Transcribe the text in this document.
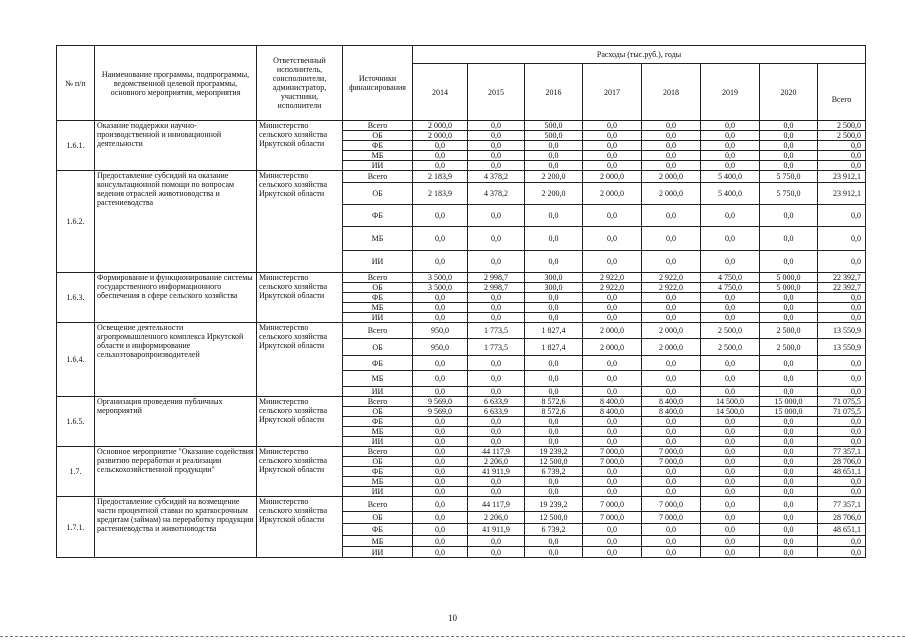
№ п/п	Наименование программы, подпрограммы, ведомственной целевой программы, основного мероприятия, мероприятия	Ответственный исполнитель, соисполнители, администратор, участники, исполнители	Источники финансирования	Расходы (тыс.руб.), годы							
				2014	2015	2016	2017	2018	2019	2020	Всего
1.6.1.	Оказание поддержки научно-производственной и инновационной деятельности	Министерство сельского хозяйства Иркутской области	Всего	2 000,0	0,0	500,0	0,0	0,0	0,0	0,0	2 500,0
			ОБ	2 000,0	0,0	500,0	0,0	0,0	0,0	0,0	2 500,0
			ФБ	0,0	0,0	0,0	0,0	0,0	0,0	0,0	0,0
			МБ	0,0	0,0	0,0	0,0	0,0	0,0	0,0	0,0
			ИИ	0,0	0,0	0,0	0,0	0,0	0,0	0,0	0,0
1.6.2.	Предоставление субсидий на оказание консультационной помощи по вопросам ведения отраслей животноводства и растениеводства	Министерство сельского хозяйства Иркутской области	Всего	2 183,9	4 378,2	2 200,0	2 000,0	2 000,0	5 400,0	5 750,0	23 912,1
			ОБ	2 183,9	4 378,2	2 200,0	2 000,0	2 000,0	5 400,0	5 750,0	23 912,1
			ФБ	0,0	0,0	0,0	0,0	0,0	0,0	0,0	0,0
			МБ	0,0	0,0	0,0	0,0	0,0	0,0	0,0	0,0
			ИИ	0,0	0,0	0,0	0,0	0,0	0,0	0,0	0,0
1.6.3.	Формирование и функционирование системы государственного информационного обеспечения в сфере сельского хозяйства	Министерство сельского хозяйства Иркутской области	Всего	3 500,0	2 998,7	300,0	2 922,0	2 922,0	4 750,0	5 000,0	22 392,7
			ОБ	3 500,0	2 998,7	300,0	2 922,0	2 922,0	4 750,0	5 000,0	22 392,7
			ФБ	0,0	0,0	0,0	0,0	0,0	0,0	0,0	0,0
			МБ	0,0	0,0	0,0	0,0	0,0	0,0	0,0	0,0
			ИИ	0,0	0,0	0,0	0,0	0,0	0,0	0,0	0,0
1.6.4.	Освещение деятельности агропромышленного комплекса Иркутской области и информирование сельхозтоваропроизводителей	Министерство сельского хозяйства Иркутской области	Всего	950,0	1 773,5	1 827,4	2 000,0	2 000,0	2 500,0	2 500,0	13 550,9
			ОБ	950,0	1 773,5	1 827,4	2 000,0	2 000,0	2 500,0	2 500,0	13 550,9
			ФБ	0,0	0,0	0,0	0,0	0,0	0,0	0,0	0,0
			МБ	0,0	0,0	0,0	0,0	0,0	0,0	0,0	0,0
			ИИ	0,0	0,0	0,0	0,0	0,0	0,0	0,0	0,0
1.6.5.	Организация проведения публичных мероприятий	Министерство сельского хозяйства Иркутской области	Всего	9 569,0	6 633,9	8 572,6	8 400,0	8 400,0	14 500,0	15 000,0	71 075,5
			ОБ	9 569,0	6 633,9	8 572,6	8 400,0	8 400,0	14 500,0	15 000,0	71 075,5
			ФБ	0,0	0,0	0,0	0,0	0,0	0,0	0,0	0,0
			МБ	0,0	0,0	0,0	0,0	0,0	0,0	0,0	0,0
			ИИ	0,0	0,0	0,0	0,0	0,0	0,0	0,0	0,0
1.7.	Основное мероприятие "Оказание содействия развитию переработки и реализации сельскохозяйственной продукции"	Министерство сельского хозяйства Иркутской области	Всего	0,0	44 117,9	19 239,2	7 000,0	7 000,0	0,0	0,0	77 357,1
			ОБ	0,0	2 206,0	12 500,0	7 000,0	7 000,0	0,0	0,0	28 706,0
			ФБ	0,0	41 911,9	6 739,2	0,0	0,0	0,0	0,0	48 651,1
			МБ	0,0	0,0	0,0	0,0	0,0	0,0	0,0	0,0
			ИИ	0,0	0,0	0,0	0,0	0,0	0,0	0,0	0,0
1.7.1.	Предоставление субсидий на возмещение части процентной ставки по краткосрочным кредитам (займам) на переработку продукции растениеводства и животноводства	Министерство сельского хозяйства Иркутской области	Всего	0,0	44 117,9	19 239,2	7 000,0	7 000,0	0,0	0,0	77 357,1
			ОБ	0,0	2 206,0	12 500,0	7 000,0	7 000,0	0,0	0,0	28 706,0
			ФБ	0,0	41 911,9	6 739,2	0,0	0,0	0,0	0,0	48 651,1
			МБ	0,0	0,0	0,0	0,0	0,0	0,0	0,0	0,0
			ИИ	0,0	0,0	0,0	0,0	0,0	0,0	0,0	0,0
10
